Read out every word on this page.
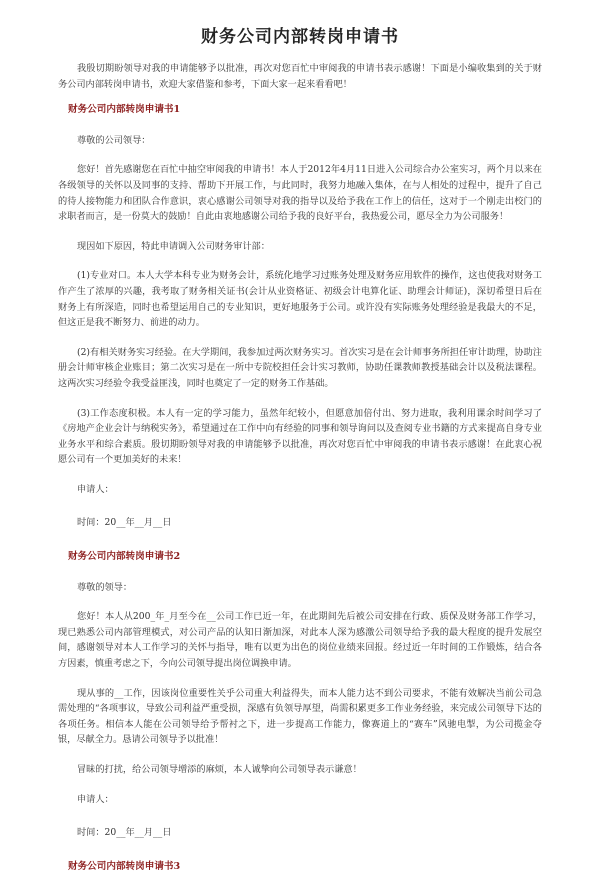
财务公司内部转岗申请书

我殷切期盼领导对我的申请能够予以批准，再次对您百忙中审阅我的申请书表示感谢！下面是小编收集到的关于财务公司内部转岗申请书，欢迎大家借鉴和参考，下面大家一起来看看吧！

财务公司内部转岗申请书1

尊敬的公司领导：

您好！首先感谢您在百忙中抽空审阅我的申请书！本人于2012年4月11日进入公司综合办公室实习，两个月以来在各级领导的关怀以及同事的支持、帮助下开展工作，与此同时，我努力地融入集体，在与人相处的过程中，提升了自己的待人接物能力和团队合作意识，衷心感谢公司领导对我的指导以及给予我在工作上的信任，这对于一个刚走出校门的求职者而言，是一份莫大的鼓励！自此由衷地感谢公司给予我的良好平台，我热爱公司，愿尽全力为公司服务！

现因如下原因，特此申请调入公司财务审计部：

(1)专业对口。本人大学本科专业为财务会计，系统化地学习过账务处理及财务应用软件的操作，这也使我对财务工作产生了浓厚的兴趣，我考取了财务相关证书(会计从业资格证、初级会计电算化证、助理会计师证)，深切希望日后在财务上有所深造，同时也希望运用自己的专业知识，更好地服务于公司。或许没有实际账务处理经验是我最大的不足，但这正是我不断努力、前进的动力。

(2)有相关财务实习经验。在大学期间，我参加过两次财务实习。首次实习是在会计师事务所担任审计助理，协助注册会计师审核企业账目；第二次实习是在一所中专院校担任会计实习教师，协助任课教师教授基础会计以及税法课程。这两次实习经验令我受益匪浅，同时也奠定了一定的财务工作基础。

(3)工作态度积极。本人有一定的学习能力，虽然年纪较小，但愿意加倍付出、努力进取，我利用课余时间学习了《房地产企业会计与纳税实务》，希望通过在工作中向有经验的同事和领导询问以及查阅专业书籍的方式来提高自身专业业务水平和综合素质。殷切期盼领导对我的申请能够予以批准，再次对您百忙中审阅我的申请书表示感谢！在此衷心祝愿公司有一个更加美好的未来！

申请人：

时间：20__年__月__日

财务公司内部转岗申请书2

尊敬的领导：

您好！本人从200_年_月至今在__公司工作已近一年，在此期间先后被公司安排在行政、质保及财务部工作学习，现已熟悉公司内部管理模式，对公司产品的认知日渐加深，对此本人深为感激公司领导给予我的最大程度的提升发展空间，感谢领导对本人工作学习的关怀与指导，唯有以更为出色的岗位业绩来回报。经过近一年时间的工作锻炼，结合各方因素，慎重考虑之下，今向公司领导提出岗位调换申请。

现从事的__工作，因该岗位重要性关乎公司重大利益得失，而本人能力达不到公司要求，不能有效解决当前公司急需处理的“各项事议，导致公司利益严重受损，深感有负领导厚望，尚需积累更多工作业务经验，来完成公司领导下达的各项任务。相信本人能在公司领导给予帮衬之下，进一步提高工作能力，像赛道上的“赛车”风驰电掣，为公司揽金夺银，尽献全力。恳请公司领导予以批准！

冒昧的打扰，给公司领导增添的麻烦，本人诚挚向公司领导表示谦意！

申请人：

时间：20__年__月__日

财务公司内部转岗申请书3
